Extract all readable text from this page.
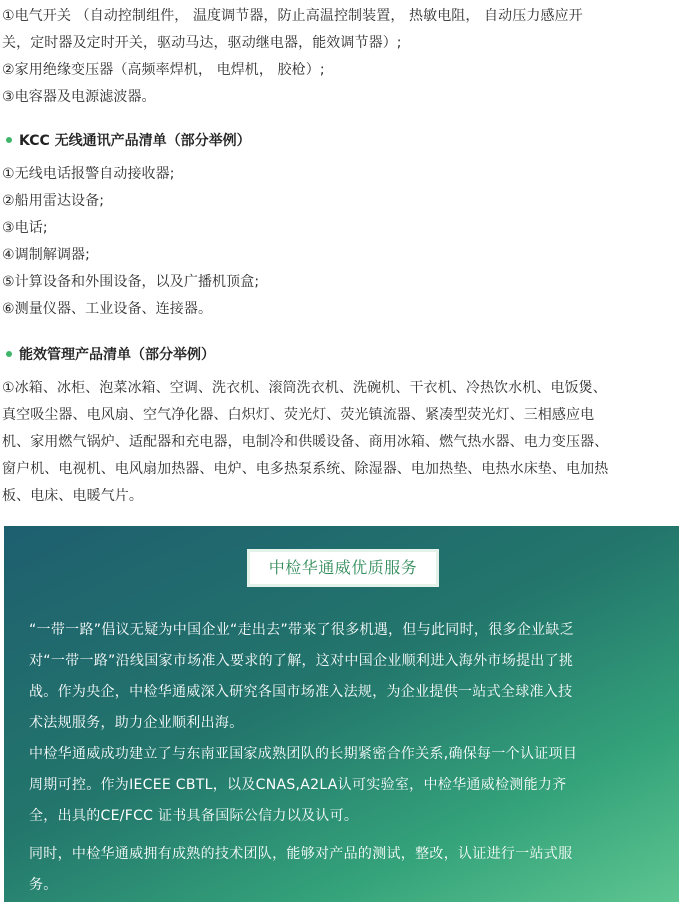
①电气开关 （自动控制组件， 温度调节器，防止高温控制装置， 热敏电阻， 自动压力感应开
关，定时器及定时开关，驱动马达，驱动继电器，能效调节器）;
②家用绝缘变压器（高频率焊机， 电焊机， 胶枪）;
③电容器及电源滤波器。
KCC 无线通讯产品清单（部分举例）
①无线电话报警自动接收器;
②船用雷达设备;
③电话;
④调制解调器;
⑤计算设备和外围设备，以及广播机顶盒;
⑥测量仪器、工业设备、连接器。
能效管理产品清单（部分举例）
①冰箱、冰柜、泡菜冰箱、空调、洗衣机、滚筒洗衣机、洗碗机、干衣机、冷热饮水机、电饭煲、
真空吸尘器、电风扇、空气净化器、白炽灯、荧光灯、荧光镇流器、紧凑型荧光灯、三相感应电
机、家用燃气锅炉、适配器和充电器，电制冷和供暖设备、商用冰箱、燃气热水器、电力变压器、
窗户机、电视机、电风扇加热器、电炉、电多热泵系统、除湿器、电加热垫、电热水床垫、电加热
板、电床、电暖气片。
中检华通威优质服务
“一带一路”倡议无疑为中国企业“走出去”带来了很多机遇，但与此同时，很多企业缺乏
对“一带一路”沿线国家市场准入要求的了解，这对中国企业顺利进入海外市场提出了挑
战。作为央企，中检华通威深入研究各国市场准入法规，为企业提供一站式全球准入技
术法规服务，助力企业顺利出海。
中检华通威成功建立了与东南亚国家成熟团队的长期紧密合作关系,确保每一个认证项目
周期可控。作为IECEE CBTL，以及CNAS,A2LA认可实验室，中检华通威检测能力齐
全，出具的CE/FCC 证书具备国际公信力以及认可。
同时，中检华通威拥有成熟的技术团队，能够对产品的测试，整改，认证进行一站式服
务。
